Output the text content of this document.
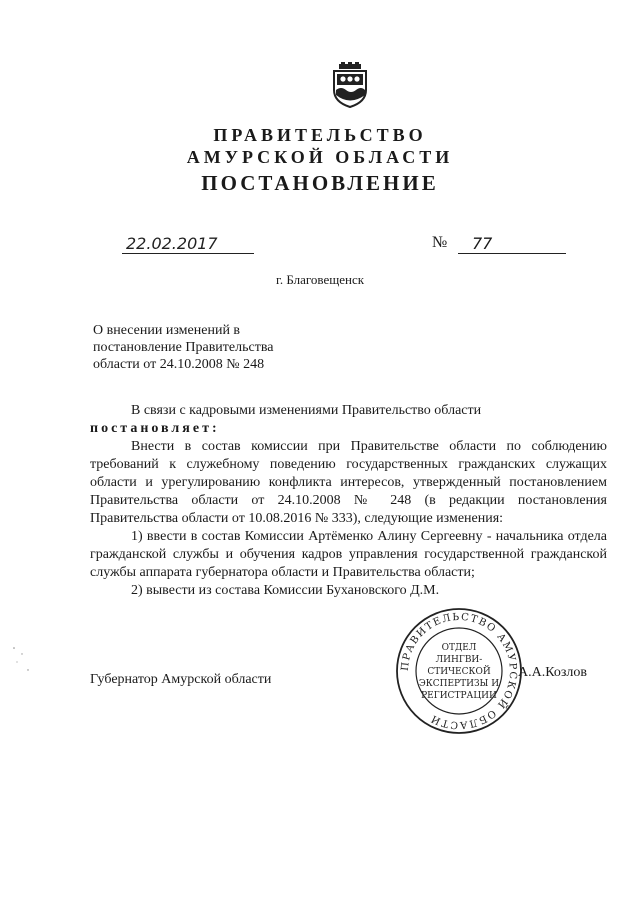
ПРАВИТЕЛЬСТВО
АМУРСКОЙ ОБЛАСТИ
ПОСТАНОВЛЕНИЕ
22.02.2017	№	77
г. Благовещенск
О внесении изменений в
постановление Правительства
области от 24.10.2008 № 248

В связи с кадровыми изменениями Правительство области

постановляет:

Внести в состав комиссии при Правительстве области по соблюдению требований к служебному поведению государственных гражданских служащих области и урегулированию конфликта интересов, утвержденный постановлением Правительства области от 24.10.2008 № 248 (в редакции постановления Правительства области от 10.08.2016 № 333), следующие изменения:

1) ввести в состав Комиссии Артёменко Алину Сергеевну - начальника отдела гражданской службы и обучения кадров управления государственной гражданской службы аппарата губернатора области и Правительства области;

2) вывести из состава Комиссии Бухановского Д.М.

Губернатор Амурской области	А.А.Козлов
ПРАВИТЕЛЬСТВО АМУРСКОЙ ОБЛАСТИ
ОТДЕЛ
ЛИНГВИ-
СТИЧЕСКОЙ
ЭКСПЕРТИЗЫ И
РЕГИСТРАЦИИ
